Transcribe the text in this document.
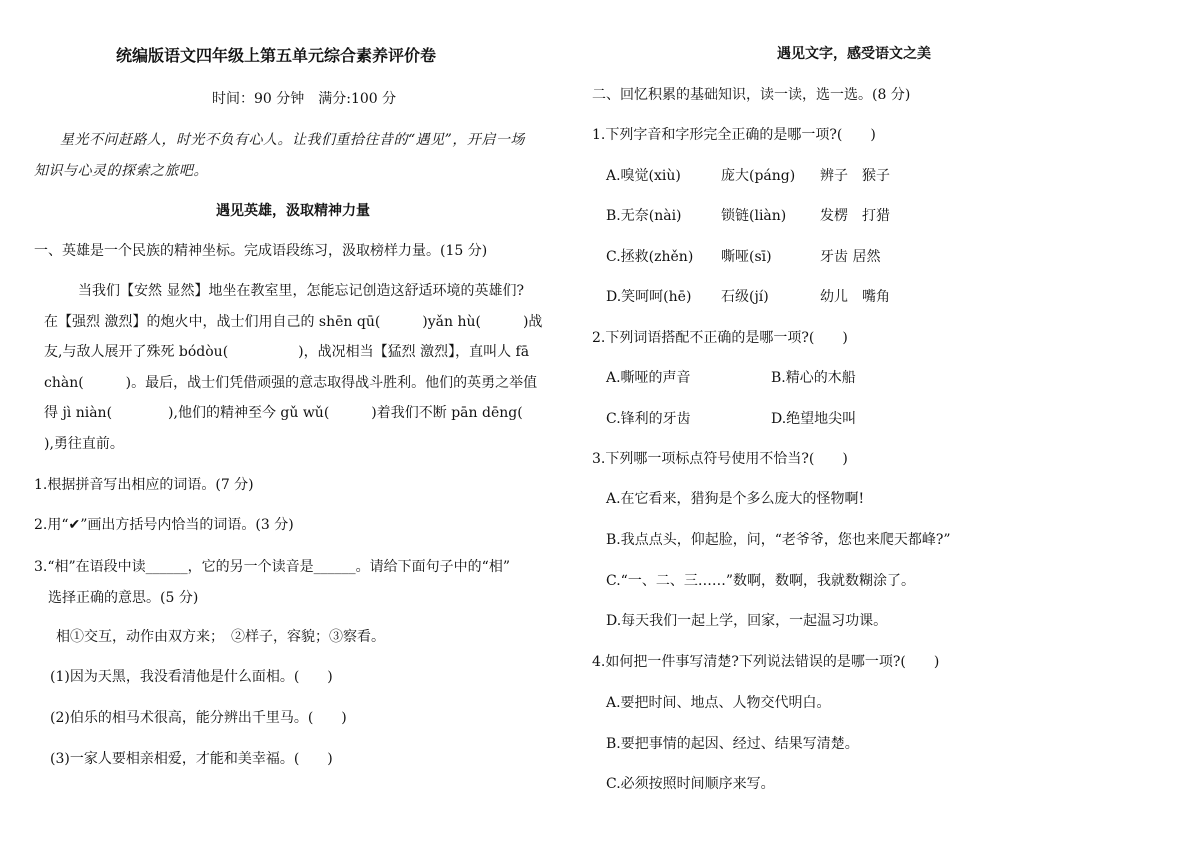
统编版语文四年级上第五单元综合素养评价卷
时间：90 分钟　满分:100 分
星光不问赶路人，时光不负有心人。让我们重拾往昔的“遇见”，开启一场
知识与心灵的探索之旅吧。
遇见英雄，汲取精神力量
一、英雄是一个民族的精神坐标。完成语段练习，汲取榜样力量。(15 分)
当我们【安然 显然】地坐在教室里，怎能忘记创造这舒适环境的英雄们?
在【强烈 激烈】的炮火中，战士们用自己的 shēn qū(　　　)yǎn hù(　　　)战
友,与敌人展开了殊死 bódòu(　　　　　)，战况相当【猛烈 激烈】，直叫人 fā
chàn(　　　)。最后，战士们凭借顽强的意志取得战斗胜利。他们的英勇之举值
得 jì niàn(　　　　),他们的精神至今 gǔ wǔ(　　　)着我们不断 pān dēng(
),勇往直前。
1.根据拼音写出相应的词语。(7 分)
2.用“✔”画出方括号内恰当的词语。(3 分)
3.“相”在语段中读______，它的另一个读音是______。请给下面句子中的“相”
选择正确的意思。(5 分)
相①交互，动作由双方来；　②样子，容貌；③察看。
(1)因为天黑，我没看清他是什么面相。(　　)
(2)伯乐的相马术很高，能分辨出千里马。(　　)
(3)一家人要相亲相爱，才能和美幸福。(　　)
遇见文字，感受语文之美
二、回忆积累的基础知识，读一读，选一选。(8 分)
1.下列字音和字形完全正确的是哪一项?(　　)
A.嗅觉(xiù)	庞大(páng) 辨子　猴子
B.无奈(nài)	锁链(liàn) 发楞　打猎
C.拯救(zhěn) 嘶哑(sī)	牙齿 居然
D.笑呵呵(hē) 石级(jí)	幼儿　嘴角
2.下列词语搭配不正确的是哪一项?(　　)
A.嘶哑的声音	B.精心的木船
C.锋利的牙齿	D.绝望地尖叫
3.下列哪一项标点符号使用不恰当?(　　)
A.在它看来，猎狗是个多么庞大的怪物啊!
B.我点点头，仰起脸，问，“老爷爷，您也来爬天都峰?”
C.“一、二、三……”数啊，数啊，我就数糊涂了。
D.每天我们一起上学，回家，一起温习功课。
4.如何把一件事写清楚?下列说法错误的是哪一项?(　　)
A.要把时间、地点、人物交代明白。
B.要把事情的起因、经过、结果写清楚。
C.必须按照时间顺序来写。
